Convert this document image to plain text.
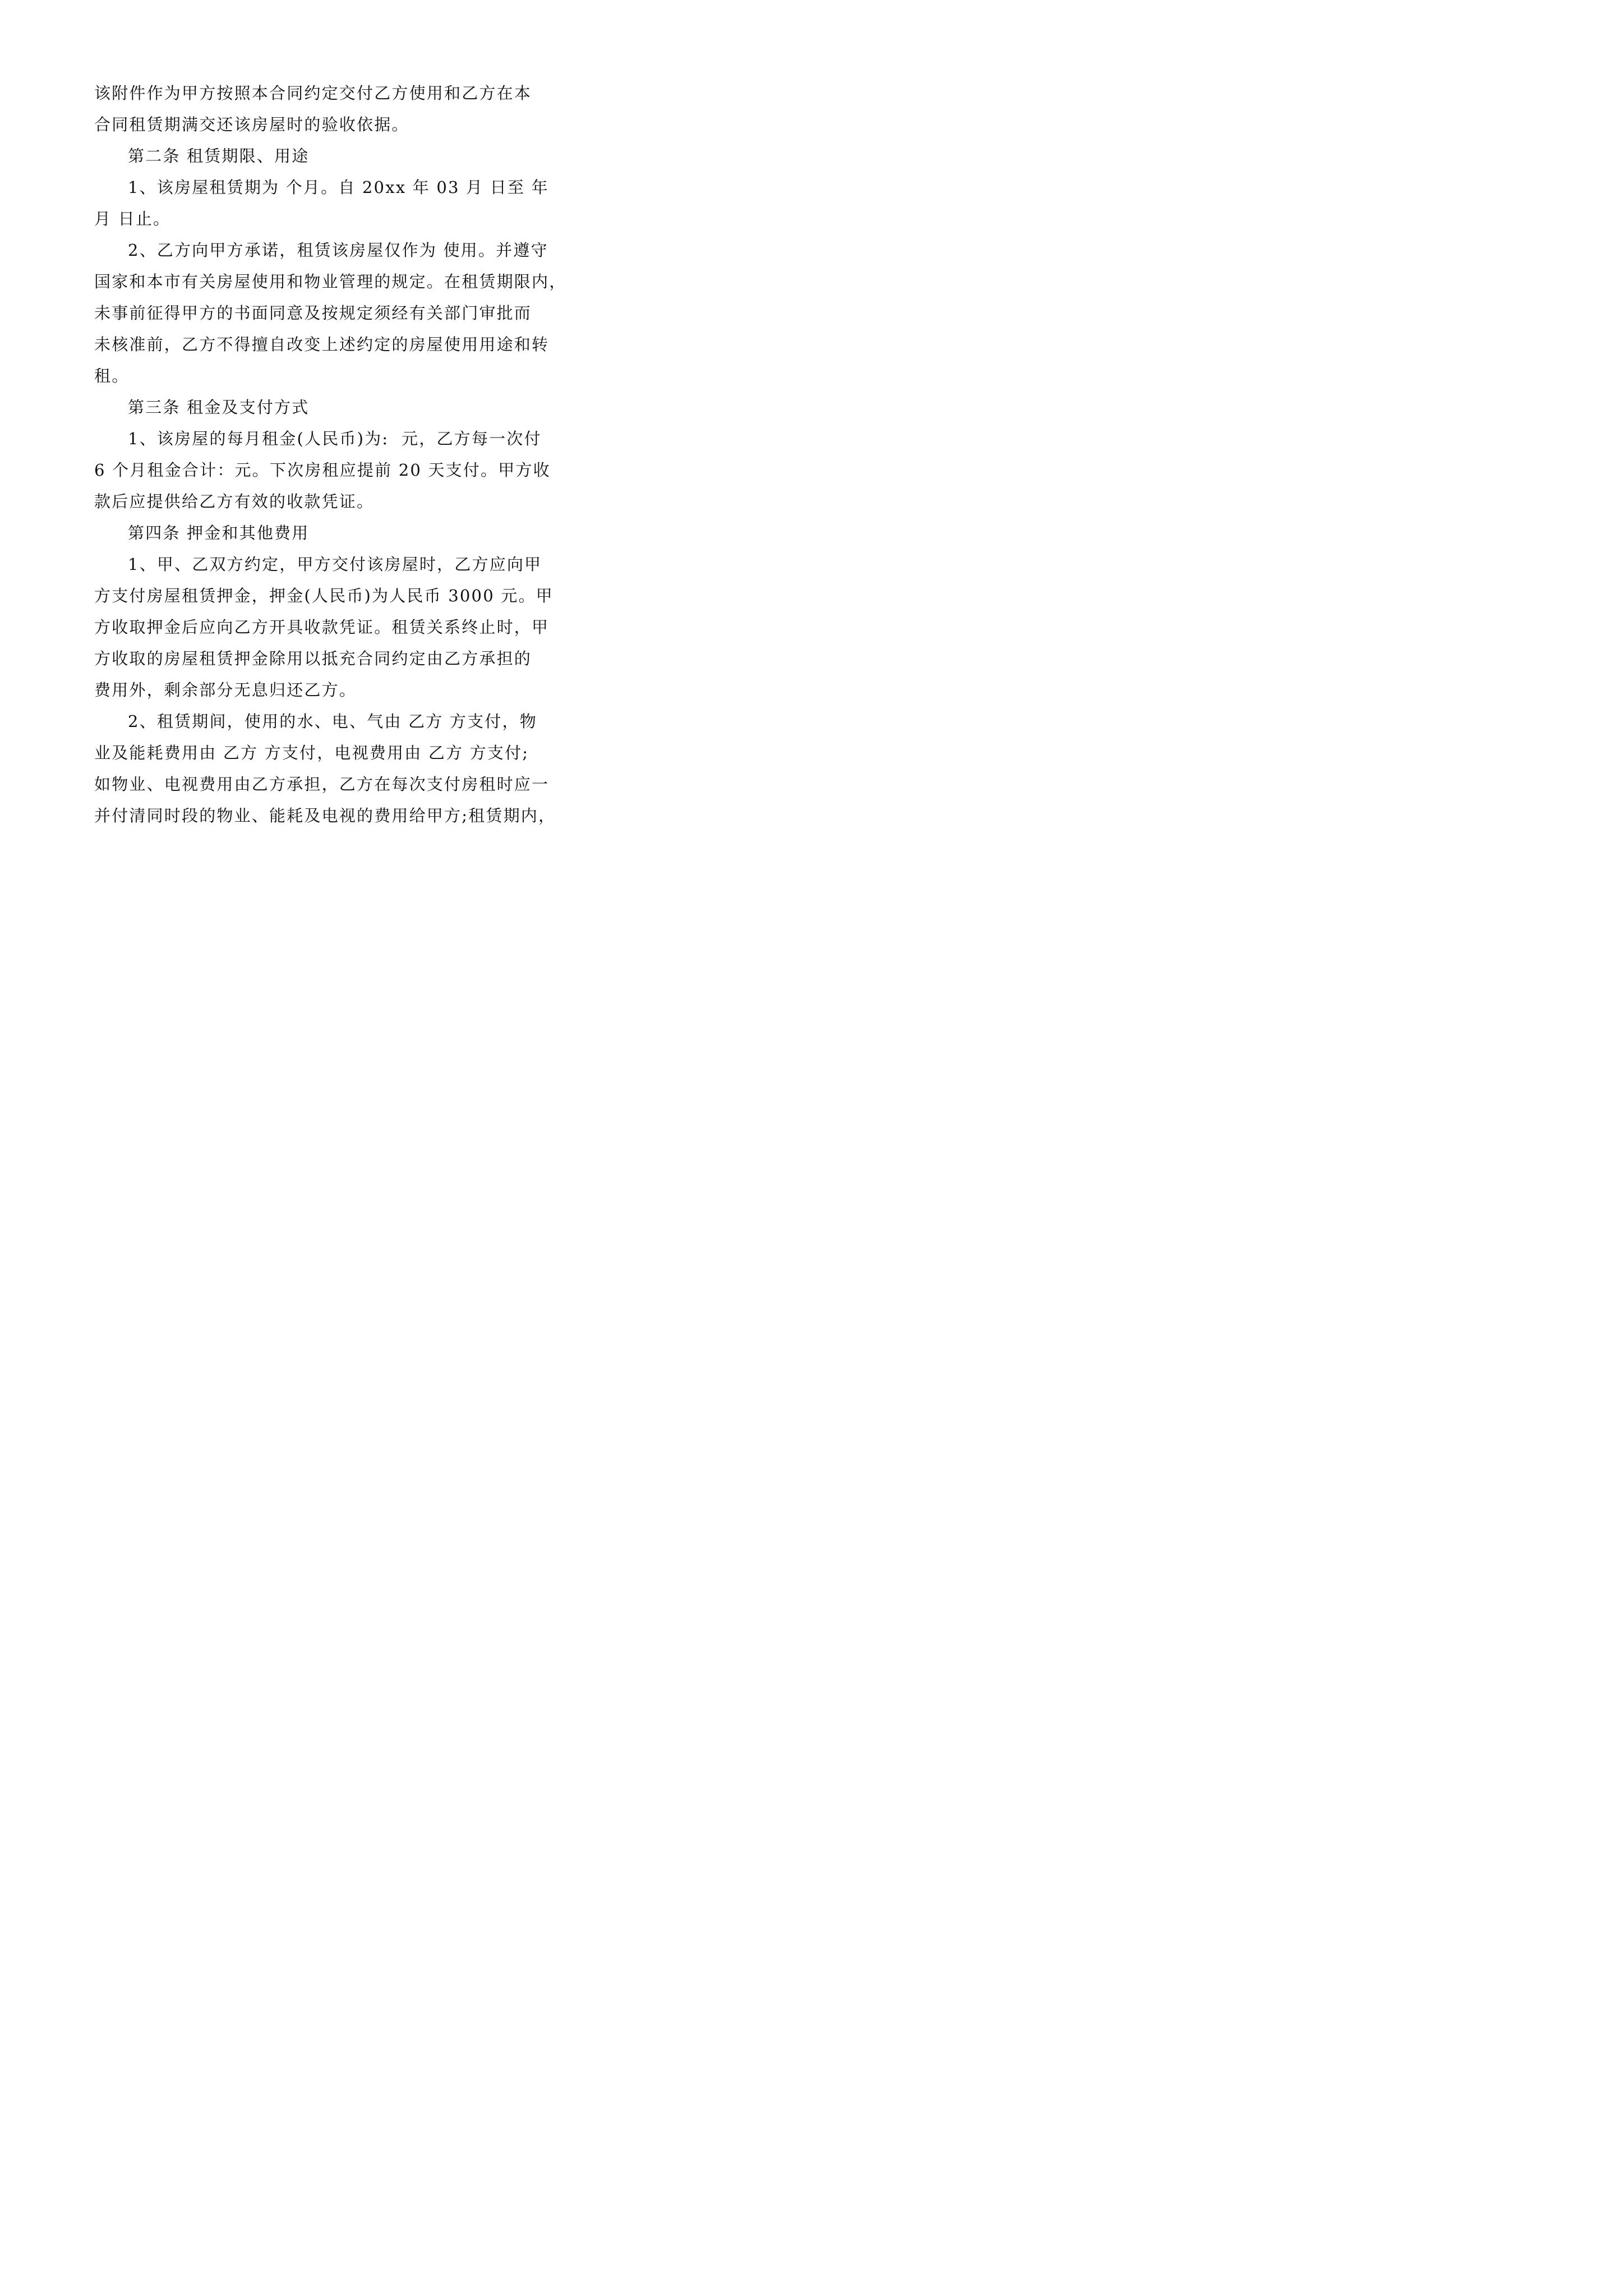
该附件作为甲方按照本合同约定交付乙方使用和乙方在本
合同租赁期满交还该房屋时的验收依据。
第二条 租赁期限、用途
1、该房屋租赁期为 个月。自 20xx 年 03 月 日至 年
月 日止。
2、乙方向甲方承诺，租赁该房屋仅作为 使用。并遵守
国家和本市有关房屋使用和物业管理的规定。在租赁期限内，
未事前征得甲方的书面同意及按规定须经有关部门审批而
未核准前，乙方不得擅自改变上述约定的房屋使用用途和转
租。
第三条 租金及支付方式
1、该房屋的每月租金(人民币)为:  元，乙方每一次付
6 个月租金合计：元。下次房租应提前 20 天支付。甲方收
款后应提供给乙方有效的收款凭证。
第四条 押金和其他费用
1、甲、乙双方约定，甲方交付该房屋时，乙方应向甲
方支付房屋租赁押金，押金(人民币)为人民币 3000 元。甲
方收取押金后应向乙方开具收款凭证。租赁关系终止时，甲
方收取的房屋租赁押金除用以抵充合同约定由乙方承担的
费用外，剩余部分无息归还乙方。
2、租赁期间，使用的水、电、气由 乙方 方支付，物
业及能耗费用由 乙方 方支付，电视费用由 乙方 方支付;
如物业、电视费用由乙方承担，乙方在每次支付房租时应一
并付清同时段的物业、能耗及电视的费用给甲方;租赁期内，
